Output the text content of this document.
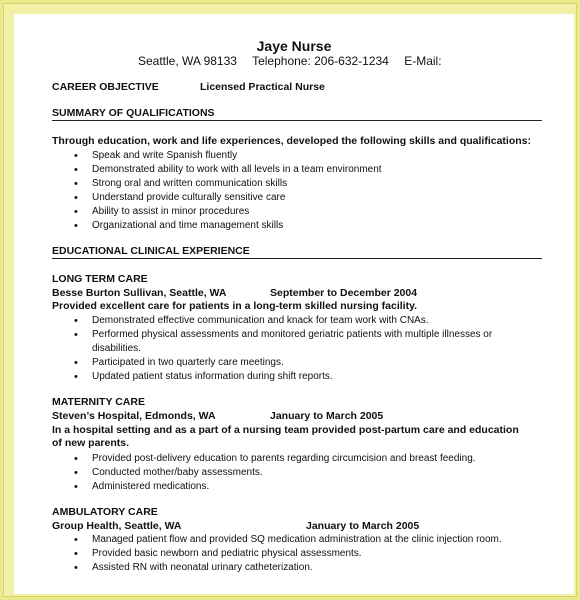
Jaye Nurse
Seattle, WA 98133 Telephone: 206-632-1234 E-Mail:
CAREER OBJECTIVE	Licensed Practical Nurse
SUMMARY OF QUALIFICATIONS
Through education, work and life experiences, developed the following skills and qualifications:
• Speak and write Spanish fluently
• Demonstrated ability to work with all levels in a team environment
• Strong oral and written communication skills
• Understand provide culturally sensitive care
• Ability to assist in minor procedures
• Organizational and time management skills
EDUCATIONAL CLINICAL EXPERIENCE
LONG TERM CARE
Besse Burton Sullivan, Seattle, WA	September to December 2004
Provided excellent care for patients in a long-term skilled nursing facility.
• Demonstrated effective communication and knack for team work with CNAs.
• Performed physical assessments and monitored geriatric patients with multiple illnesses or disabilities.
• Participated in two quarterly care meetings.
• Updated patient status information during shift reports.
MATERNITY CARE
Steven’s Hospital, Edmonds, WA	January to March 2005
In a hospital setting and as a part of a nursing team provided post-partum care and education of new parents.
• Provided post-delivery education to parents regarding circumcision and breast feeding.
• Conducted mother/baby assessments.
• Administered medications.
AMBULATORY CARE
Group Health, Seattle, WA	January to March 2005
• Managed patient flow and provided SQ medication administration at the clinic injection room.
• Provided basic newborn and pediatric physical assessments.
• Assisted RN with neonatal urinary catheterization.
